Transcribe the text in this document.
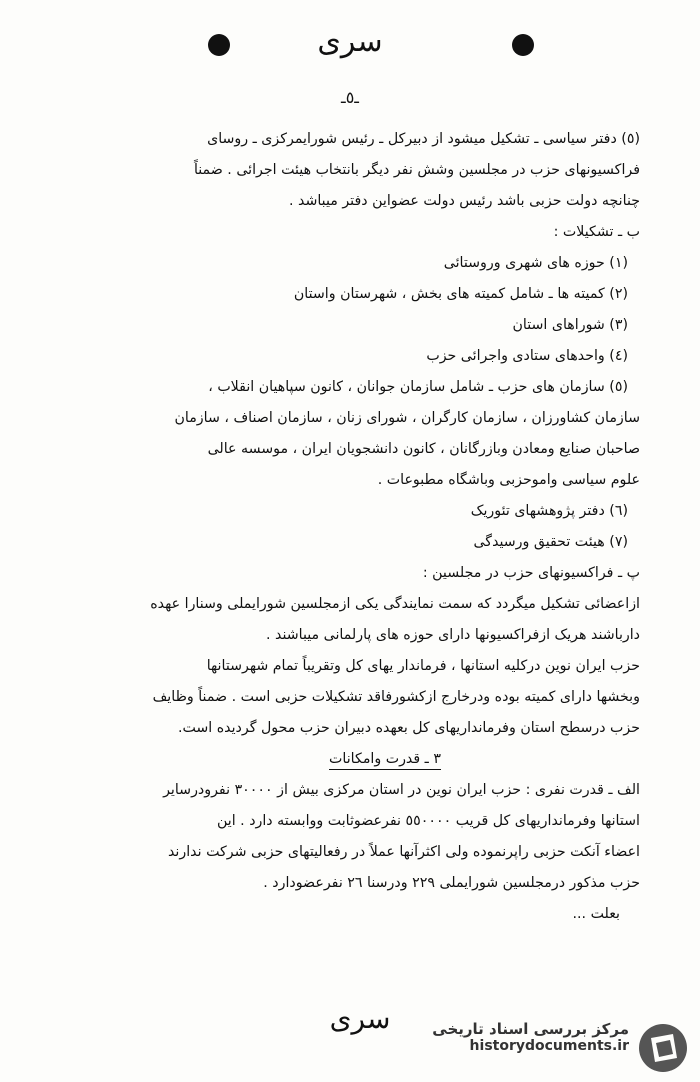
سری
ـ٥ـ

(٥) دفتر سیاسی ـ تشکیل میشود از دبیرکل ـ رئیس شورایمرکزی ـ روسای

فراکسیونهای حزب در مجلسین وشش نفر دیگر بانتخاب هیئت اجرائی . ضمناً

چنانچه دولت حزبی باشد رئیس دولت عضواین دفتر میباشد .

ب ـ تشکیلات :

(١) حوزه های شهری وروستائی

(٢) کمیته ها ـ شامل کمیته های بخش ، شهرستان واستان

(٣) شوراهای استان

(٤) واحدهای ستادی واجرائی حزب

(٥) سازمان های حزب ـ شامل سازمان جوانان ، کانون سپاهیان انقلاب ،

سازمان کشاورزان ، سازمان کارگران ، شورای زنان ، سازمان اصناف ، سازمان

صاحبان صنایع ومعادن وبازرگانان ، کانون دانشجویان ایران ، موسسه عالی

علوم سیاسی واموحزبی وباشگاه مطبوعات .

(٦) دفتر پژوهشهای تئوریک

(٧) هیئت تحقیق ورسیدگی

پ ـ فراکسیونهای حزب در مجلسین :

ازاعضائی تشکیل میگردد که سمت نمایندگی یکی ازمجلسین شورایملی وسنارا عهده

دارباشند هریک ازفراکسیونها دارای حوزه های پارلمانی میباشند .

حزب ایران نوین درکلیه استانها ، فرماندار یهای کل وتقریباً تمام شهرستانها

وبخشها دارای کمیته بوده ودرخارج ازکشورفاقد تشکیلات حزبی است . ضمناً وظایف

حزب درسطح استان وفرمانداریهای کل بعهده دبیران حزب محول گردیده است.

٣ ـ قدرت وامکانات

الف ـ قدرت نفری : حزب ایران نوین در استان مرکزی بیش از ٣٠٠٠٠ نفرودرسایر

استانها وفرمانداریهای کل قریب ٥٥٠٠٠٠ نفرعضوثابت ووابسته دارد . این

اعضاء آنکت حزبی راپرنموده ولی اکثرآنها عملاً در رفعالیتهای حزبی شرکت ندارند

حزب مذکور درمجلسین شورایملی ٢٢٩ ودرسنا ٢٦ نفرعضودارد .

بعلت ...

سری	مرکز بررسی اسناد تاریخی
historydocuments.ir
